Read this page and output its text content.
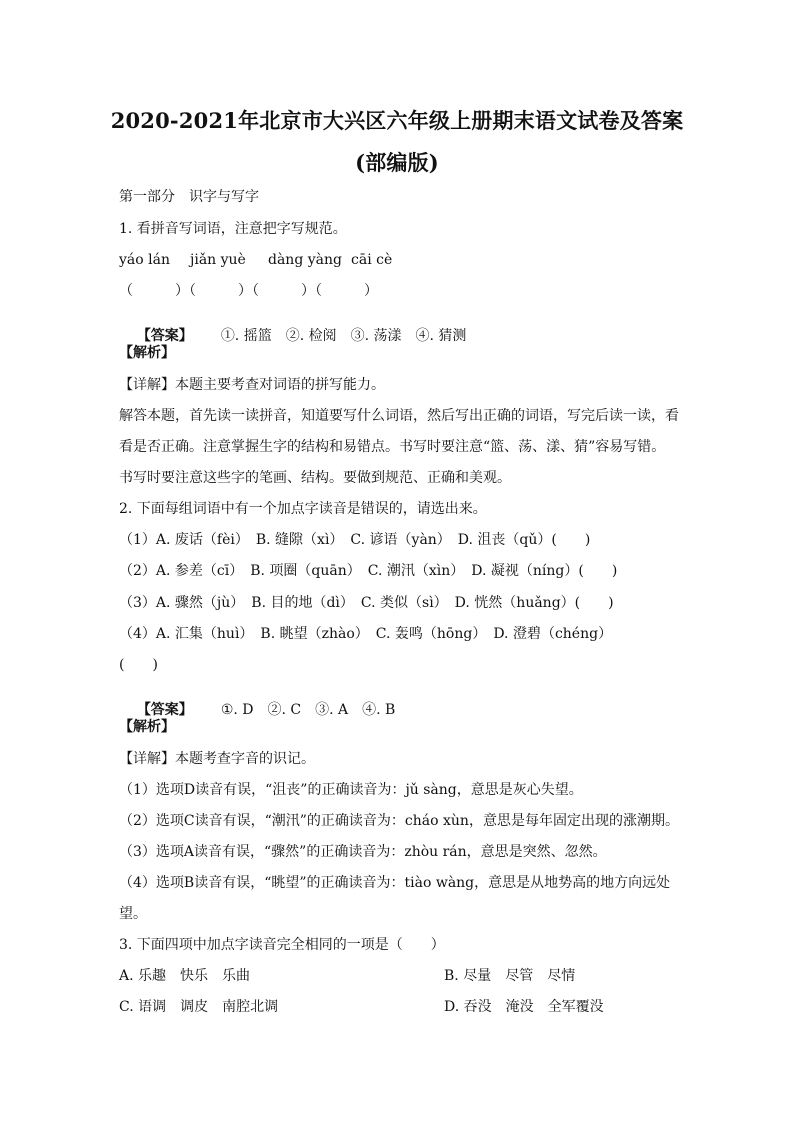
2020-2021年北京市大兴区六年级上册期末语文试卷及答案
(部编版)
第一部分　识字与写字
1. 看拼音写词语，注意把字写规范。
yáo lán jiǎn yuè dàng yàng cāi cè
（　　　）（　　　）（　　　）（　　　）

【答案】 ①. 摇篮　②. 检阅　③. 荡漾　④. 猜测

【解析】
【详解】本题主要考查对词语的拼写能力。
解答本题，首先读一读拼音，知道要写什么词语，然后写出正确的词语，写完后读一读，看
看是否正确。注意掌握生字的结构和易错点。书写时要注意“篮、荡、漾、猜”容易写错。
书写时要注意这些字的笔画、结构。要做到规范、正确和美观。
2. 下面每组词语中有一个加点字读音是错误的，请选出来。
（1）A. 废话（fèi）　B. 缝隙（xì）　C. 谚语（yàn）　D. 沮丧（qǔ）(　　)
（2）A. 参差（cī）　B. 项圈（quān）　C. 潮汛（xìn）　D. 凝视（níng）(　　)
（3）A. 骤然（jù）　B. 目的地（dì）　C. 类似（sì）　D. 恍然（huǎng）(　　)
（4）A. 汇集（huì）　B. 眺望（zhào）　C. 轰鸣（hōng）　D. 澄碧（chéng）
(　　)

【答案】 ①. D　②. C　③. A　④. B

【解析】
【详解】本题考查字音的识记。
（1）选项D读音有误，“沮丧”的正确读音为：jǔ sàng，意思是灰心失望。
（2）选项C读音有误，“潮汛”的正确读音为：cháo xùn，意思是每年固定出现的涨潮期。
（3）选项A读音有误，“骤然”的正确读音为：zhòu rán，意思是突然、忽然。
（4）选项B读音有误，“眺望”的正确读音为：tiào wàng，意思是从地势高的地方向远处
望。
3. 下面四项中加点字读音完全相同的一项是（　　）
A. 乐趣　快乐　乐曲	B. 尽量　尽管　尽情
C. 语调　调皮　南腔北调	D. 吞没　淹没　全军覆没
